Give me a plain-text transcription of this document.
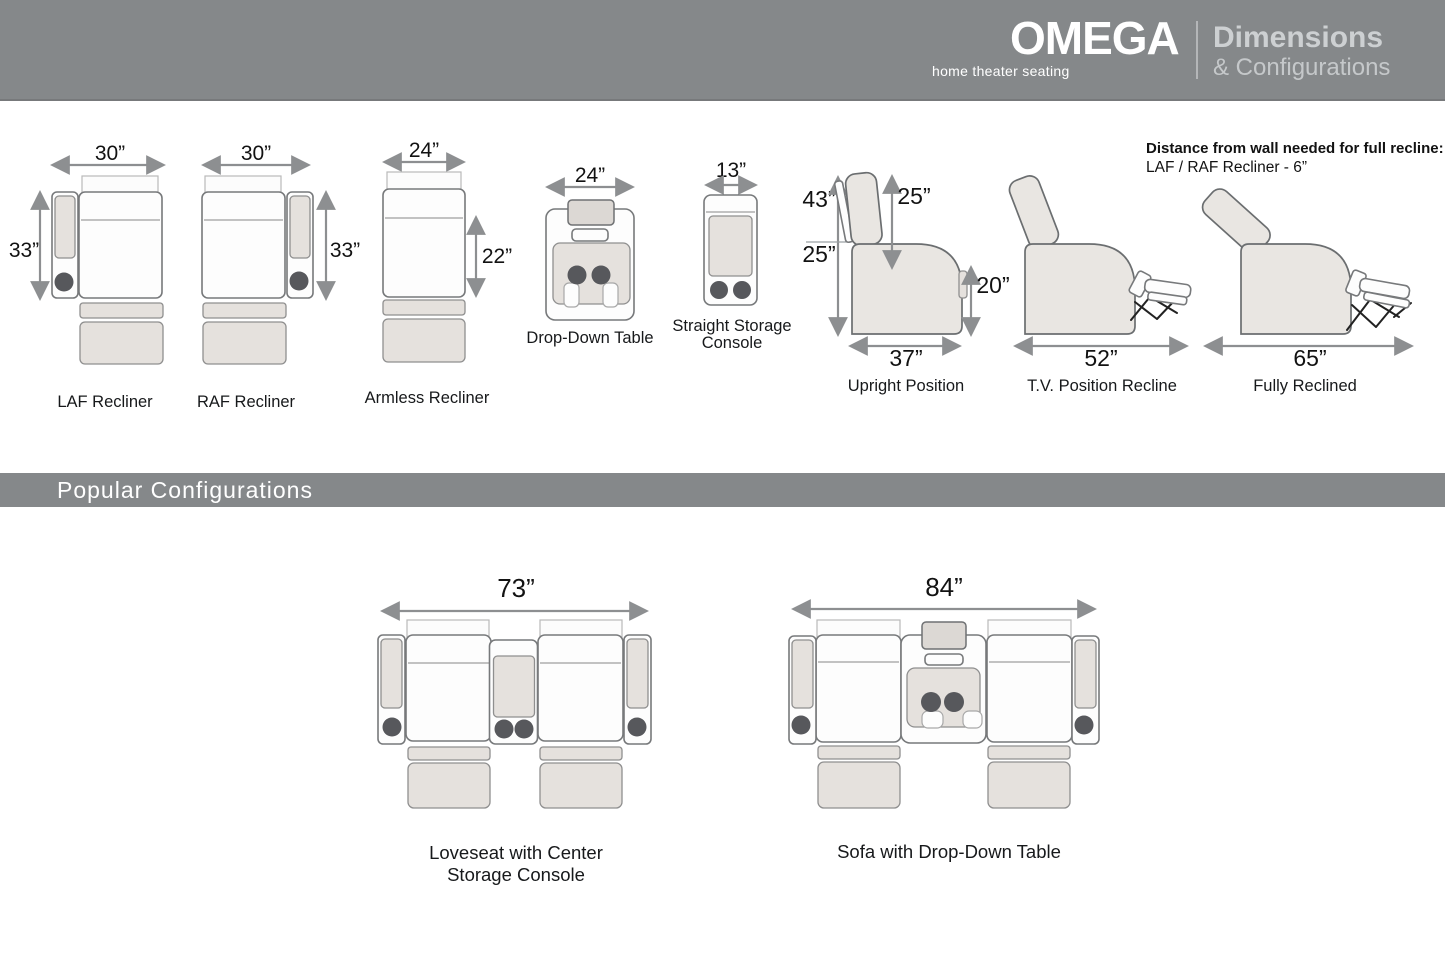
OMEGA
home theater seating
Dimensions
& Configurations
Distance from wall needed for full recline:
LAF / RAF Recliner - 6”
30”
33”
LAF Recliner
30”
33”
RAF Recliner
24”
22”
Armless Recliner
24”
Drop-Down Table
13”
Straight Storage
Console
43”
25”
25”
20”
37”
Upright Position
52”
T.V. Position Recline
65”
Fully Reclined
Popular Configurations
73”
Loveseat with Center
Storage Console
84”
Sofa with Drop-Down Table
